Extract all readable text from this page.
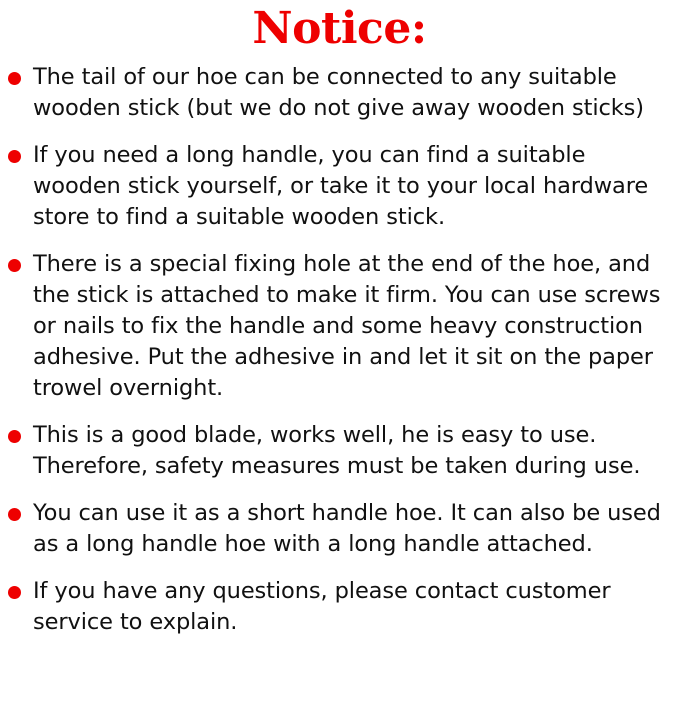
Notice:
The tail of our hoe can be connected to any suitable wooden stick (but we do not give away wooden sticks)
If you need a long handle, you can find a suitable wooden stick yourself, or take it to your local hardware store to find a suitable wooden stick.
There is a special fixing hole at the end of the hoe, and the stick is attached to make it firm. You can use screws or nails to fix the handle and some heavy construction adhesive. Put the adhesive in and let it sit on the paper trowel overnight.
This is a good blade, works well, he is easy to use. Therefore, safety measures must be taken during use.
You can use it as a short handle hoe. It can also be used as a long handle hoe with a long handle attached.
If you have any questions, please contact customer service to explain.
